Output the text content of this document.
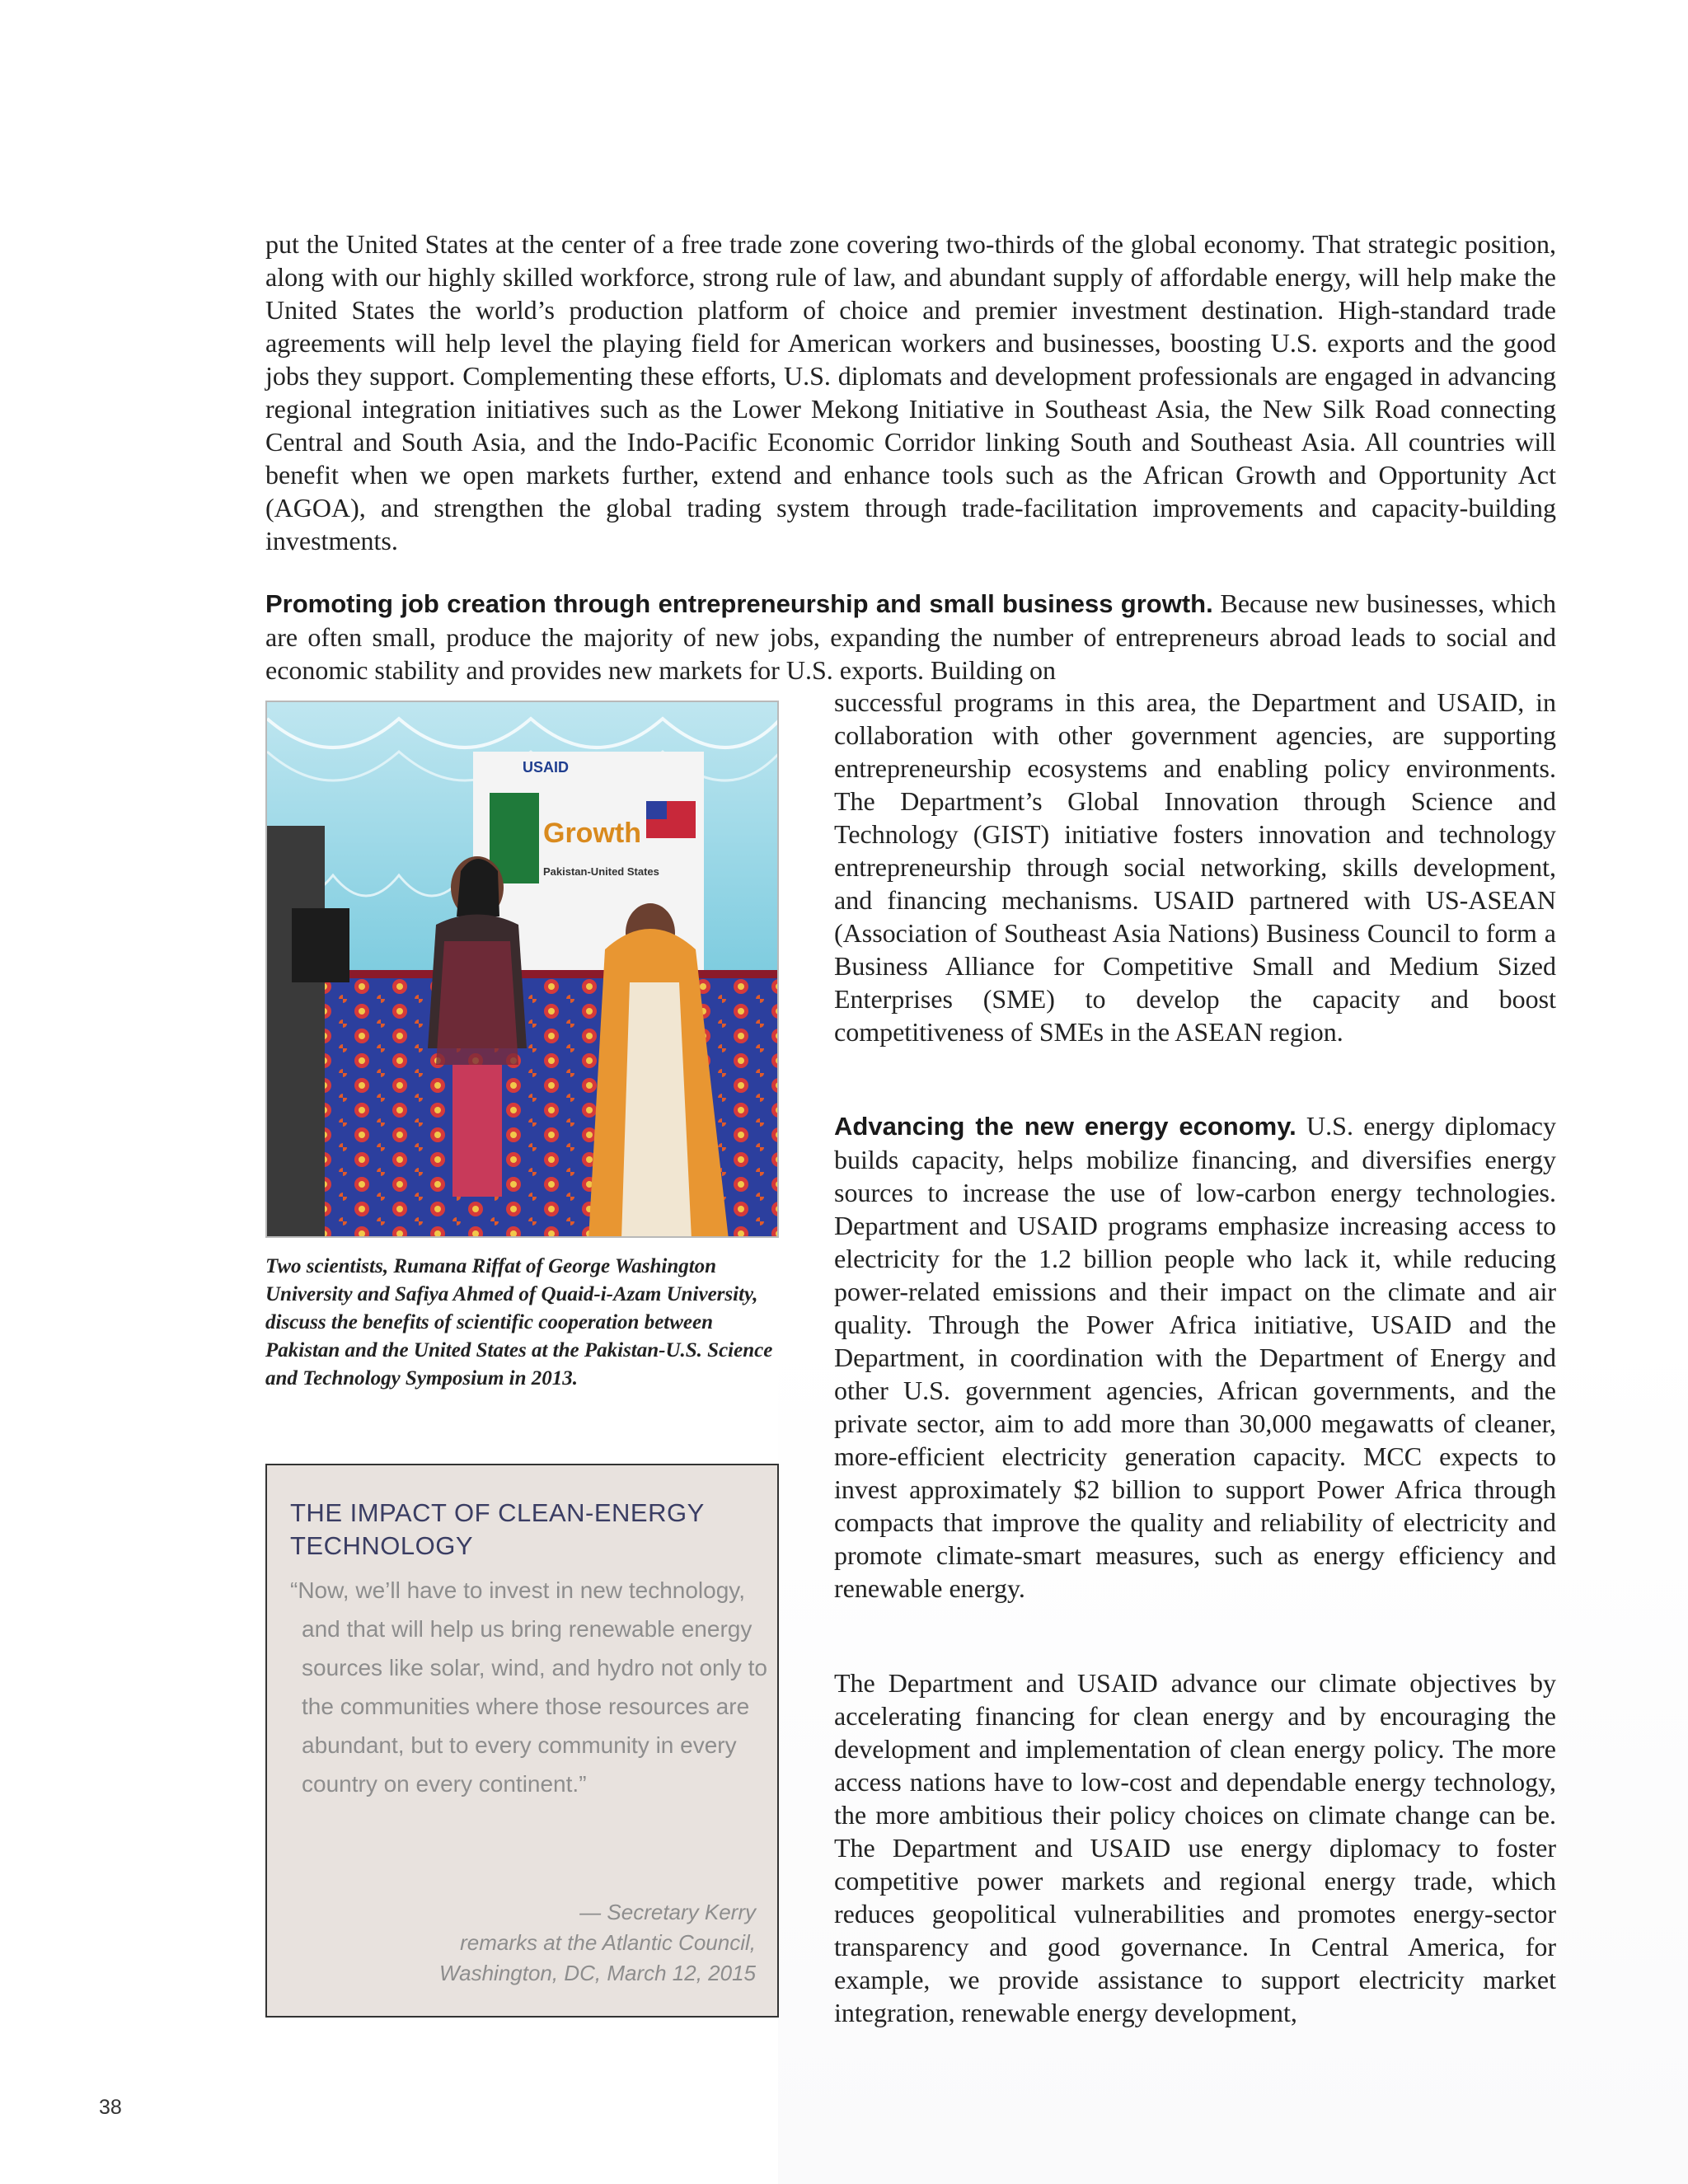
put the United States at the center of a free trade zone covering two-thirds of the global economy. That strategic position, along with our highly skilled workforce, strong rule of law, and abundant supply of affordable energy, will help make the United States the world’s production platform of choice and premier investment destination. High-standard trade agreements will help level the playing field for American workers and businesses, boosting U.S. exports and the good jobs they support. Complementing these efforts, U.S. diplomats and development professionals are engaged in advancing regional integration initiatives such as the Lower Mekong Initiative in Southeast Asia, the New Silk Road connecting Central and South Asia, and the Indo-Pacific Economic Corridor linking South and Southeast Asia. All countries will benefit when we open markets further, extend and enhance tools such as the African Growth and Opportunity Act (AGOA), and strengthen the global trading system through trade-facilitation improvements and capacity-building investments.

Promoting job creation through entrepreneurship and small business growth. Because new businesses, which are often small, produce the majority of new jobs, expanding the number of entrepreneurs abroad leads to social and economic stability and provides new markets for U.S. exports. Building on

successful programs in this area, the Department and USAID, in collaboration with other government agencies, are supporting entrepreneurship ecosystems and enabling policy environments. The Department’s Global Innovation through Science and Technology (GIST) initiative fosters innovation and technology entrepreneurship through social networking, skills development, and financing mechanisms. USAID partnered with US-ASEAN (Association of Southeast Asia Nations) Business Council to form a Business Alliance for Competitive Small and Medium Sized Enterprises (SME) to develop the capacity and boost competitiveness of SMEs in the ASEAN region.

USAID
Growth
Pakistan-United States
Two scientists, Rumana Riffat of George Washington University and Safiya Ahmed of Quaid-i-Azam University, discuss the benefits of scientific cooperation between Pakistan and the United States at the Pakistan-U.S. Science and Technology Symposium in 2013.
THE IMPACT OF CLEAN-ENERGY TECHNOLOGY
“Now, we’ll have to invest in new technology, and that will help us bring renewable energy sources like solar, wind, and hydro not only to the communities where those resources are abundant, but to every community in every country on every continent.”
— Secretary Kerry
remarks at the Atlantic Council,
Washington, DC, March 12, 2015

Advancing the new energy economy. U.S. energy diplomacy builds capacity, helps mobilize financing, and diversifies energy sources to increase the use of low-carbon energy technologies. Department and USAID programs emphasize increasing access to electricity for the 1.2 billion people who lack it, while reducing power-related emissions and their impact on the climate and air quality. Through the Power Africa initiative, USAID and the Department, in coordination with the Department of Energy and other U.S. government agencies, African governments, and the private sector, aim to add more than 30,000 megawatts of cleaner, more-efficient electricity generation capacity. MCC expects to invest approximately $2 billion to support Power Africa through compacts that improve the quality and reliability of electricity and promote climate-smart measures, such as energy efficiency and renewable energy.

The Department and USAID advance our climate objectives by accelerating financing for clean energy and by encouraging the development and implementation of clean energy policy. The more access nations have to low-cost and dependable energy technology, the more ambitious their policy choices on climate change can be. The Department and USAID use energy diplomacy to foster competitive power markets and regional energy trade, which reduces geopolitical vulnerabilities and promotes energy-sector transparency and good governance. In Central America, for example, we provide assistance to support electricity market integration, renewable energy development,

38
